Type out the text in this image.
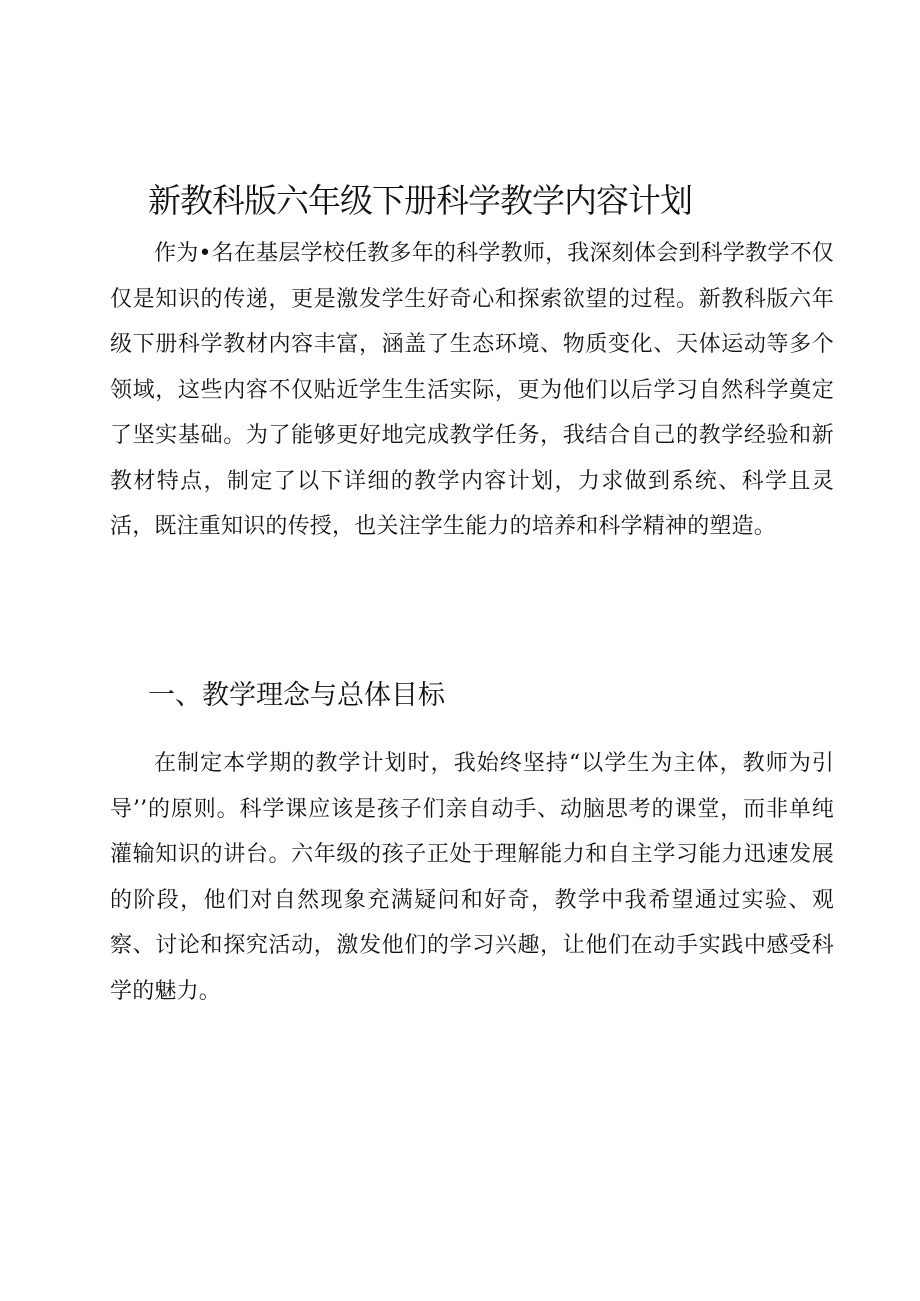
新教科版六年级下册科学教学内容计划

作为•名在基层学校任教多年的科学教师，我深刻体会到科学教学不仅仅是知识的传递，更是激发学生好奇心和探索欲望的过程。新教科版六年级下册科学教材内容丰富，涵盖了生态环境、物质变化、天体运动等多个领域，这些内容不仅贴近学生生活实际，更为他们以后学习自然科学奠定了坚实基础。为了能够更好地完成教学任务，我结合自己的教学经验和新教材特点，制定了以下详细的教学内容计划，力求做到系统、科学且灵活，既注重知识的传授，也关注学生能力的培养和科学精神的塑造。

一、教学理念与总体目标

在制定本学期的教学计划时，我始终坚持“以学生为主体，教师为引导’’的原则。科学课应该是孩子们亲自动手、动脑思考的课堂，而非单纯灌输知识的讲台。六年级的孩子正处于理解能力和自主学习能力迅速发展的阶段，他们对自然现象充满疑问和好奇，教学中我希望通过实验、观察、讨论和探究活动，激发他们的学习兴趣，让他们在动手实践中感受科学的魅力。
